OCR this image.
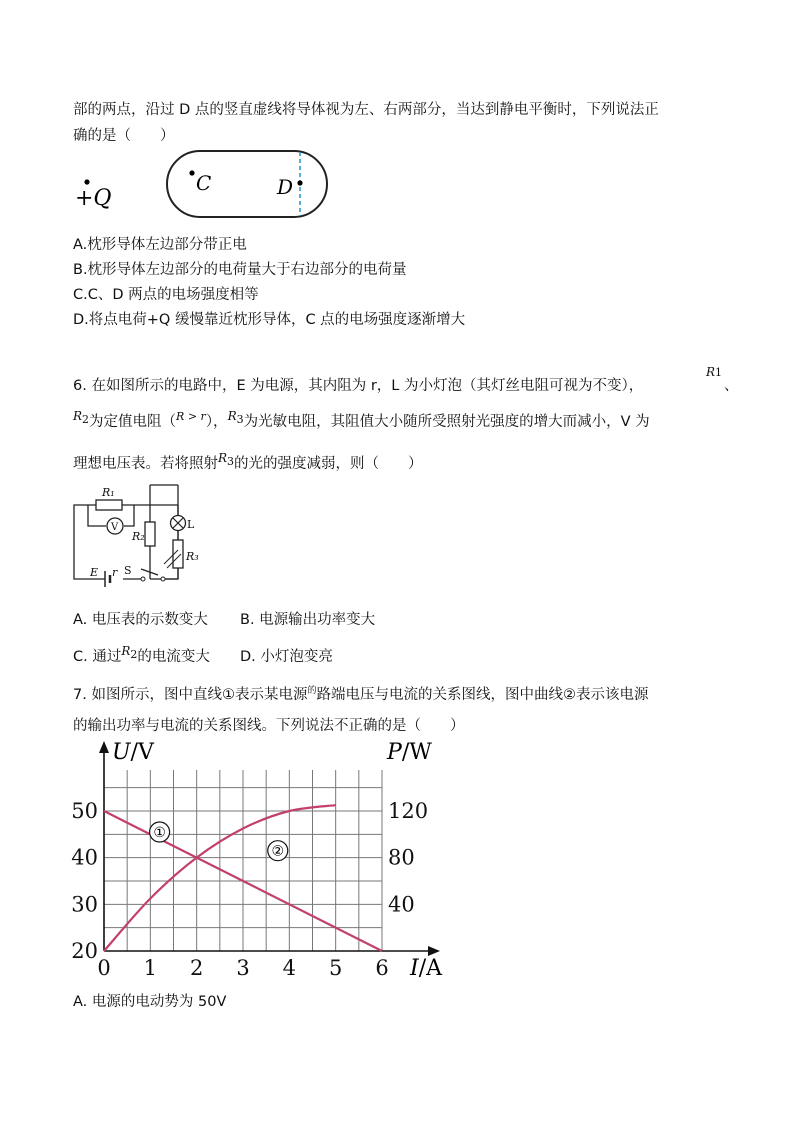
部的两点，沿过 D 点的竖直虚线将导体视为左、右两部分，当达到静电平衡时，下列说法正
确的是（　　）
+Q
C	D
A.枕形导体左边部分带正电
B.枕形导体左边部分的电荷量大于右边部分的电荷量
C.C、D 两点的电场强度相等
D.将点电荷+Q 缓慢靠近枕形导体，C 点的电场强度逐渐增大
6. 在如图所示的电路中，E 为电源，其内阻为 r，L 为小灯泡（其灯丝电阻可视为不变），
R1
、
$^{R2}$为定值电阻（$^{R > r}$），$^{R3}$为光敏电阻，其阻值大小随所受照射光强度的增大而减小，V 为
理想电压表。若将照射$^{R3}$的光的强度减弱，则（　　）
R₁
V
R₂
L
R₃
E r S
A. 电压表的示数变大 B. 电源输出功率变大
C. 通过$^{R2}$的电流变大 D. 小灯泡变亮
7. 如图所示，图中直线①表示某电源$^的$路端电压与电流的关系图线，图中曲线②表示该电源
的输出功率与电流的关系图线。下列说法不正确的是（　　）
U/V	P/W
I/A
0 1 2 3 4 5 6
20
30
40
50
40
80
120
①
②
A. 电源的电动势为 50V
